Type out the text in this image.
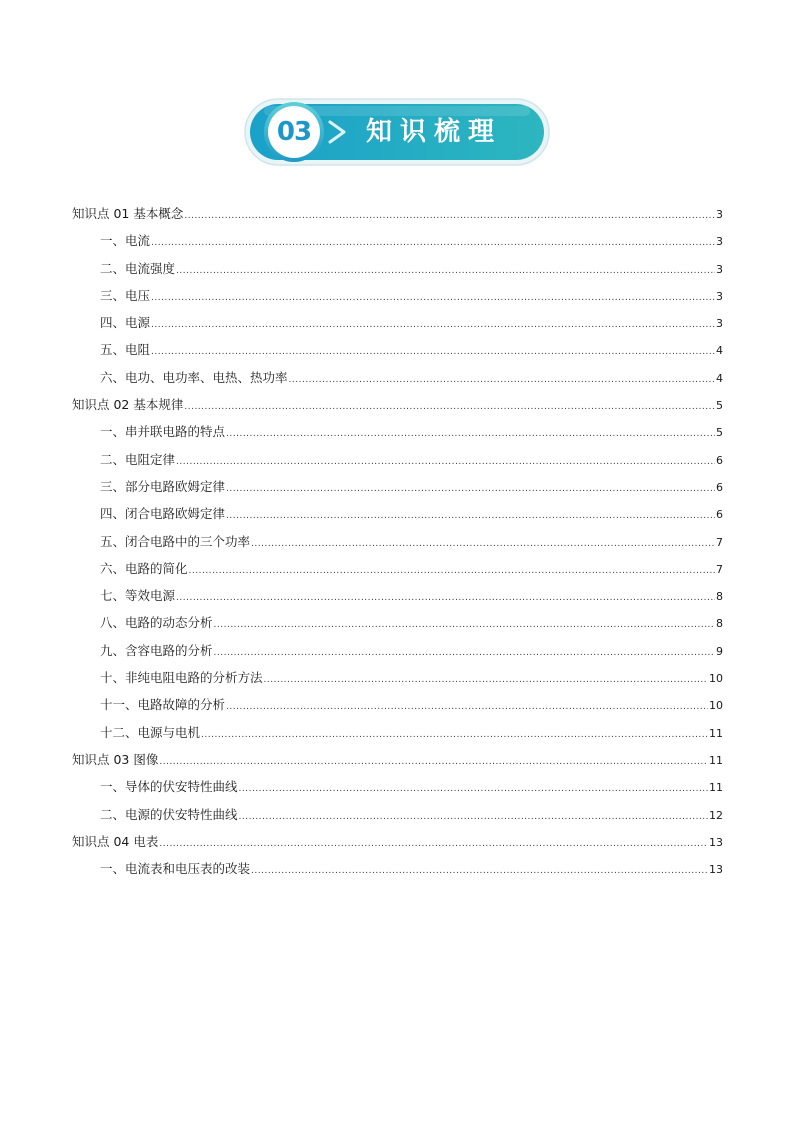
03 知识梳理
知识点 01 基本概念 .....	3
一、电流 .....	3
二、电流强度 .....	3
三、电压 .....	3
四、电源 .....	3
五、电阻 .....	4
六、电功、电功率、电热、热功率 .....	4
知识点 02 基本规律 .....	5
一、串并联电路的特点 .....	5
二、电阻定律 .....	6
三、部分电路欧姆定律 .....	6
四、闭合电路欧姆定律 .....	6
五、闭合电路中的三个功率 .....	7
六、电路的简化 .....	7
七、等效电源 .....	8
八、电路的动态分析 .....	8
九、含容电路的分析 .....	9
十、非纯电阻电路的分析方法 .....	10
十一、电路故障的分析 .....	10
十二、电源与电机 .....	11
知识点 03 图像 .....	11
一、导体的伏安特性曲线 .....	11
二、电源的伏安特性曲线 .....	12
知识点 04 电表 .....	13
一、电流表和电压表的改装 .....	13
